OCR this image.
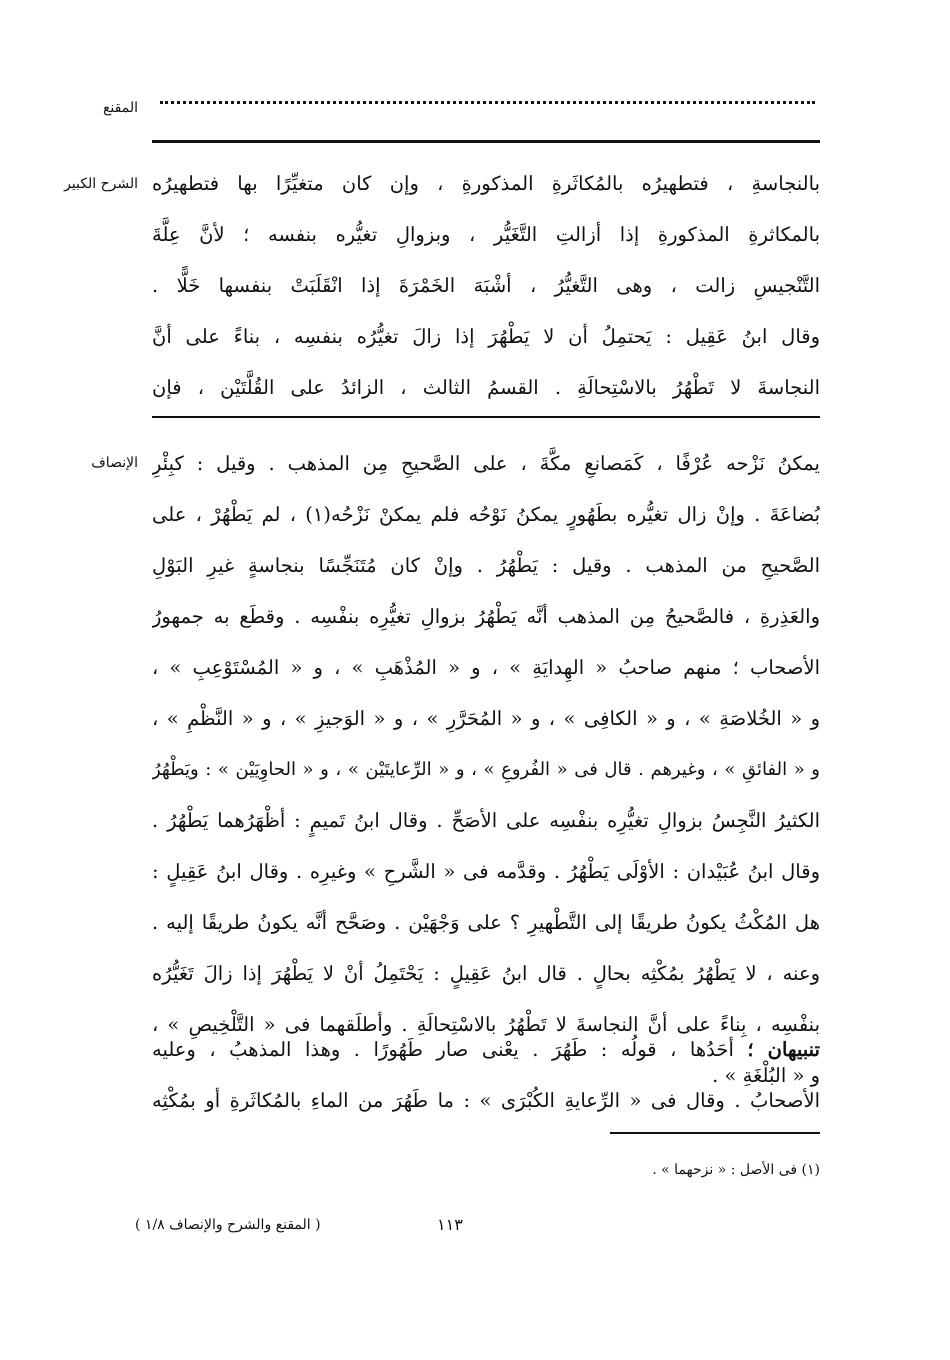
المقنع
الشرح الكبير بالنجاسةِ ، فتطهيرُه بالمُكاثَرةِ المذكورةِ ، وإن كان متغيِّرًا بها فتطهيرُه
بالمكاثرةِ المذكورةِ إذا أزالتِ التَّغَيُّر ، وبزوالِ تغيُّره بنفسه ؛ لأنَّ عِلَّةَ
التَّنْجيسِ زالت ، وهى التَّغيُّرُ ، أشْبَهَ الخَمْرَةَ إذا انْقَلَبَتْ بنفسها خَلًّا .
وقال ابنُ عَقِيل : يَحتمِلُ أن لا يَطْهُرَ إذا زالَ تغيُّرُه بنفسِه ، بناءً على أنَّ
النجاسةَ لا تَطْهُرُ بالاسْتِحالَةِ . القسمُ الثالث ، الزائدُ على القُلَّتَيْن ، فإن
الإنصاف يمكنُ نَزْحه عُرْفًا ، كَمَصانعِ مكَّةَ ، على الصَّحيحِ مِن المذهب . وقيل : كبِئْرِ
بُضاعَةَ . وإنْ زال تغيُّره بطَهُورٍ يمكنُ نَوْحُه فلم يمكنْ نَزْحُه(١) ، لم يَطْهُرْ ، على
الصَّحيحِ من المذهب . وقيل : يَطْهُرُ . وإنْ كان مُتَنَجِّسًا بنجاسةٍ غيرِ البَوْلِ
والعَذِرةِ ، فالصَّحيحُ مِن المذهب أنَّه يَطْهُرُ بزوالِ تغيُّرِه بنفْسِه . وقطَع به جمهورُ
الأصحاب ؛ منهم صاحبُ « الهِدايَةِ » ، و « المُذْهَبِ » ، و « المُسْتَوْعِبِ » ،
و « الخُلاصَةِ » ، و « الكافِى » ، و « المُحَرَّرِ » ، و « الوَجيزِ » ، و « النَّظْمِ » ،
و « الفائقِ » ، وغيرهم . قال فى « الفُروعِ » ، و « الرِّعايتَيْن » ، و « الحاوِيَيْن » : ويَطْهُرُ
الكثيرُ النَّجِسُ بزوالِ تغيُّرِه بنفْسِه على الأصَحِّ . وقال ابنُ تَميمٍ : أظْهَرُهما يَطْهُرُ .
وقال ابنُ عُبَيْدان : الأوْلَى يَطْهُرُ . وقدَّمه فى « الشَّرحِ » وغيرِه . وقال ابنُ عَقِيلٍ :
هل المُكْثُ يكونُ طريقًا إلى التَّطْهيرِ ؟ على وَجْهَيْن . وصَحَّح أنَّه يكونُ طريقًا إليه .
وعنه ، لا يَطْهُرُ بمُكْثِه بحالٍ . قال ابنُ عَقِيلٍ : يَحْتَمِلُ أنْ لا يَطْهُرَ إذا زالَ تَغَيُّرُه
بنفْسِه ، بِناءً على أنَّ النجاسةَ لا تَطْهُرُ بالاسْتِحالَةِ . وأطلَقهما فى « التَّلْخِيصِ » ،
و « البُلْغَةِ » .
تنبيهان ؛ أحَدُها ، قولُه : طَهُرَ . يعْنى صار طَهُورًا . وهذا المذهبُ ، وعليه
الأصحابُ . وقال فى « الرِّعايةِ الكُبْرَى » : ما طَهُرَ من الماءِ بالمُكاثَرةِ أو بمُكْثِه
(١) فى الأصل : « نزحهما » .
١١٣
( المقنع والشرح والإنصاف ١/٨ )
